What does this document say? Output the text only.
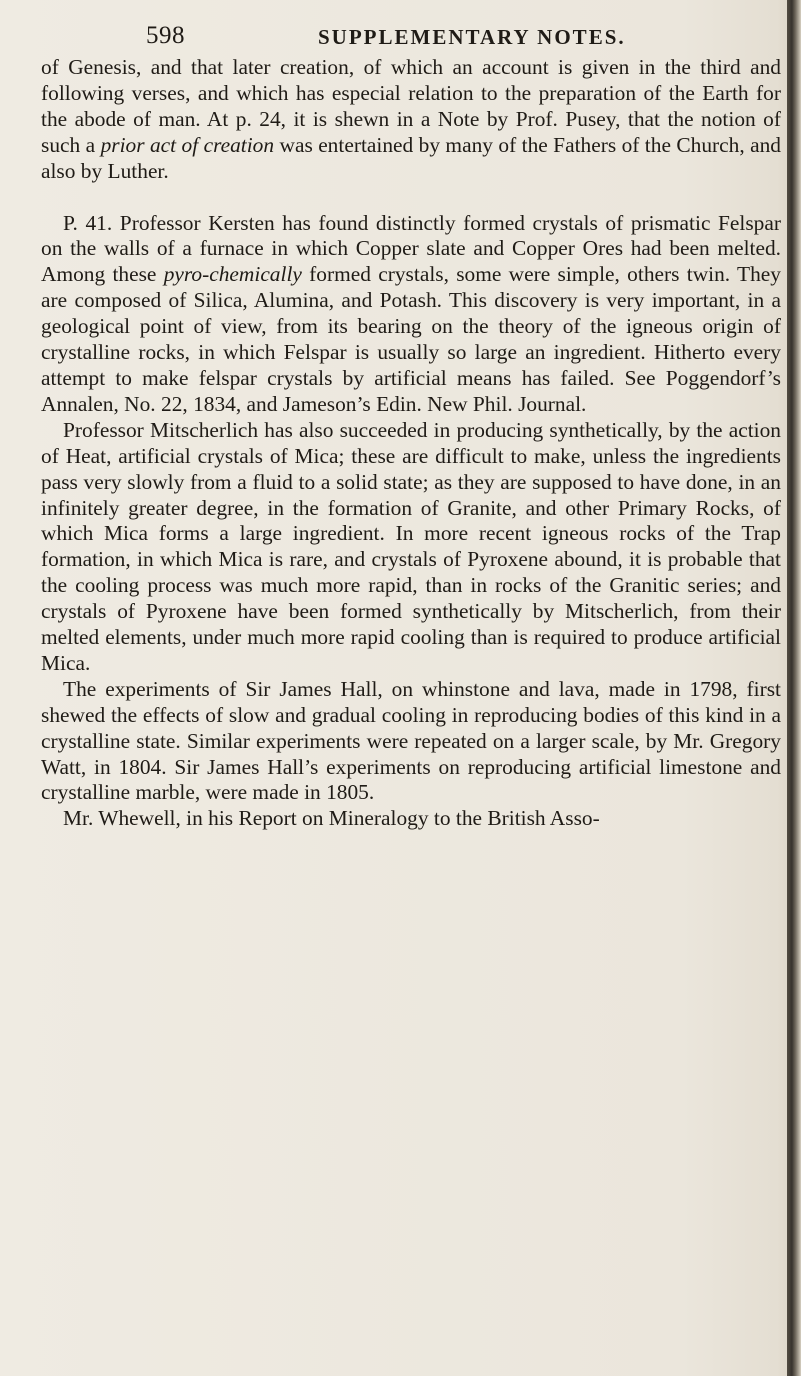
598	SUPPLEMENTARY NOTES.

of Genesis, and that later creation, of which an account is given in the third and following verses, and which has especial relation to the preparation of the Earth for the abode of man. At p. 24, it is shewn in a Note by Prof. Pusey, that the notion of such a prior act of creation was entertained by many of the Fathers of the Church, and also by Luther.

P. 41. Professor Kersten has found distinctly formed crystals of prismatic Felspar on the walls of a furnace in which Copper slate and Copper Ores had been melted. Among these pyro-chemically formed crystals, some were simple, others twin. They are composed of Silica, Alumina, and Potash. This discovery is very important, in a geological point of view, from its bearing on the theory of the igneous origin of crystalline rocks, in which Felspar is usually so large an ingredient. Hitherto every attempt to make felspar crystals by artificial means has failed. See Poggendorf’s Annalen, No. 22, 1834, and Jameson’s Edin. New Phil. Journal.

Professor Mitscherlich has also succeeded in producing synthetically, by the action of Heat, artificial crystals of Mica; these are difficult to make, unless the ingredients pass very slowly from a fluid to a solid state; as they are supposed to have done, in an infinitely greater degree, in the formation of Granite, and other Primary Rocks, of which Mica forms a large ingredient. In more recent igneous rocks of the Trap formation, in which Mica is rare, and crystals of Pyroxene abound, it is probable that the cooling process was much more rapid, than in rocks of the Granitic series; and crystals of Pyroxene have been formed synthetically by Mitscherlich, from their melted elements, under much more rapid cooling than is required to produce artificial Mica.

The experiments of Sir James Hall, on whinstone and lava, made in 1798, first shewed the effects of slow and gradual cooling in reproducing bodies of this kind in a crystalline state. Similar experiments were repeated on a larger scale, by Mr. Gregory Watt, in 1804. Sir James Hall’s experiments on reproducing artificial limestone and crystalline marble, were made in 1805.

Mr. Whewell, in his Report on Mineralogy to the British Asso-
